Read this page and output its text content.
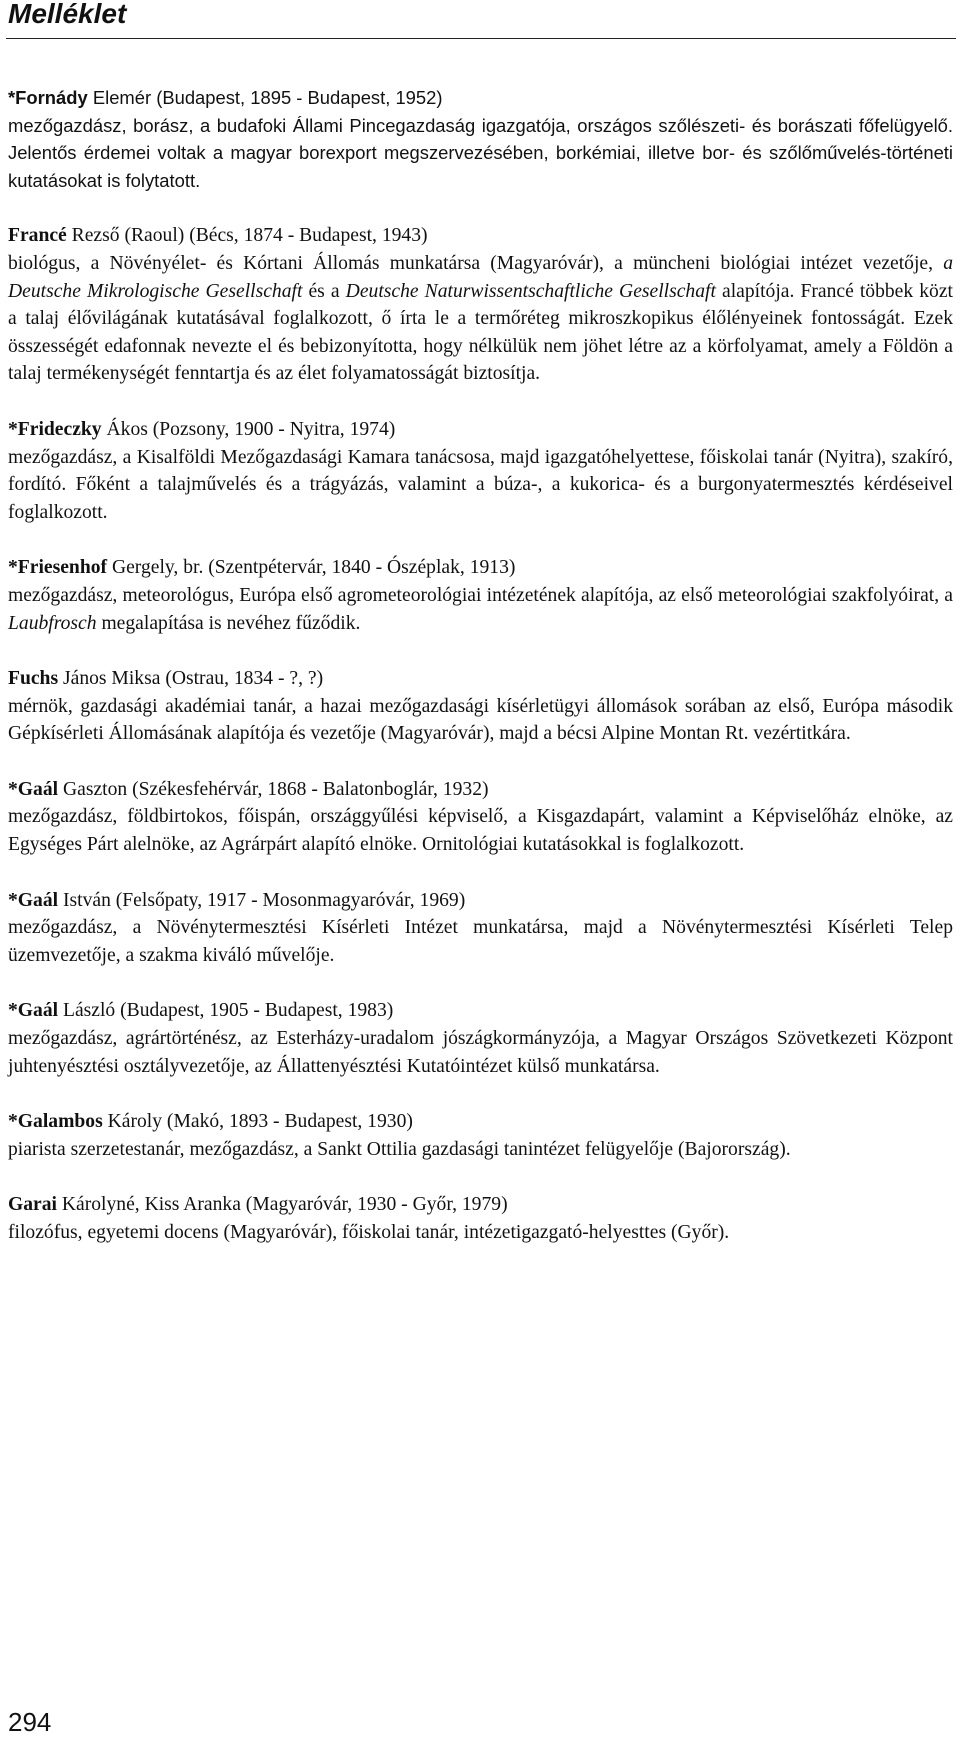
Melléklet
*Fornády Elemér (Budapest, 1895 - Budapest, 1952)
mezőgazdász, borász, a budafoki Állami Pincegazdaság igazgatója, országos szőlészeti- és borászati főfelügyelő. Jelentős érdemei voltak a magyar borexport megszervezésében, borkémiai, illetve bor- és szőlőművelés-történeti kutatásokat is folytatott.
Francé Rezső (Raoul) (Bécs, 1874 - Budapest, 1943)
biológus, a Növényélet- és Kórtani Állomás munkatársa (Magyaróvár), a müncheni biológiai intézet vezetője, a Deutsche Mikrologische Gesellschaft és a Deutsche Naturwissentschaftliche Gesellschaft alapítója. Francé többek közt a talaj élővilágának kutatásával foglalkozott, ő írta le a termőréteg mikroszkopikus élőlényeinek fontosságát. Ezek összességét edafonnak nevezte el és bebizonyította, hogy nélkülük nem jöhet létre az a körfolyamat, amely a Földön a talaj termékenységét fenntartja és az élet folyamatosságát biztosítja.
*Frideczky Ákos (Pozsony, 1900 - Nyitra, 1974)
mezőgazdász, a Kisalföldi Mezőgazdasági Kamara tanácsosa, majd igazgatóhelyettese, főiskolai tanár (Nyitra), szakíró, fordító. Főként a talajművelés és a trágyázás, valamint a búza-, a kukorica- és a burgonyatermesztés kérdéseivel foglalkozott.
*Friesenhof Gergely, br. (Szentpétervár, 1840 - Ószéplak, 1913)
mezőgazdász, meteorológus, Európa első agrometeorológiai intézetének alapítója, az első meteorológiai szakfolyóirat, a Laubfrosch megalapítása is nevéhez fűződik.
Fuchs János Miksa (Ostrau, 1834 - ?, ?)
mérnök, gazdasági akadémiai tanár, a hazai mezőgazdasági kísérletügyi állomások sorában az első, Európa második Gépkísérleti Állomásának alapítója és vezetője (Magyaróvár), majd a bécsi Alpine Montan Rt. vezértitkára.
*Gaál Gaszton (Székesfehérvár, 1868 - Balatonboglár, 1932)
mezőgazdász, földbirtokos, főispán, országgyűlési képviselő, a Kisgazdapárt, valamint a Képviselőház elnöke, az Egységes Párt alelnöke, az Agrárpárt alapító elnöke. Ornitológiai kutatásokkal is foglalkozott.
*Gaál István (Felsőpaty, 1917 - Mosonmagyaróvár, 1969)
mezőgazdász, a Növénytermesztési Kísérleti Intézet munkatársa, majd a Növénytermesztési Kísérleti Telep üzemvezetője, a szakma kiváló művelője.
*Gaál László (Budapest, 1905 - Budapest, 1983)
mezőgazdász, agrártörténész, az Esterházy-uradalom jószágkormányzója, a Magyar Országos Szövetkezeti Központ juhtenyésztési osztályvezetője, az Állattenyésztési Kutatóintézet külső munkatársa.
*Galambos Károly (Makó, 1893 - Budapest, 1930)
piarista szerzetestanár, mezőgazdász, a Sankt Ottilia gazdasági tanintézet felügyelője (Bajorország).
Garai Károlyné, Kiss Aranka (Magyaróvár, 1930 - Győr, 1979)
filozófus, egyetemi docens (Magyaróvár), főiskolai tanár, intézetigazgató-helyesttes (Győr).
294
